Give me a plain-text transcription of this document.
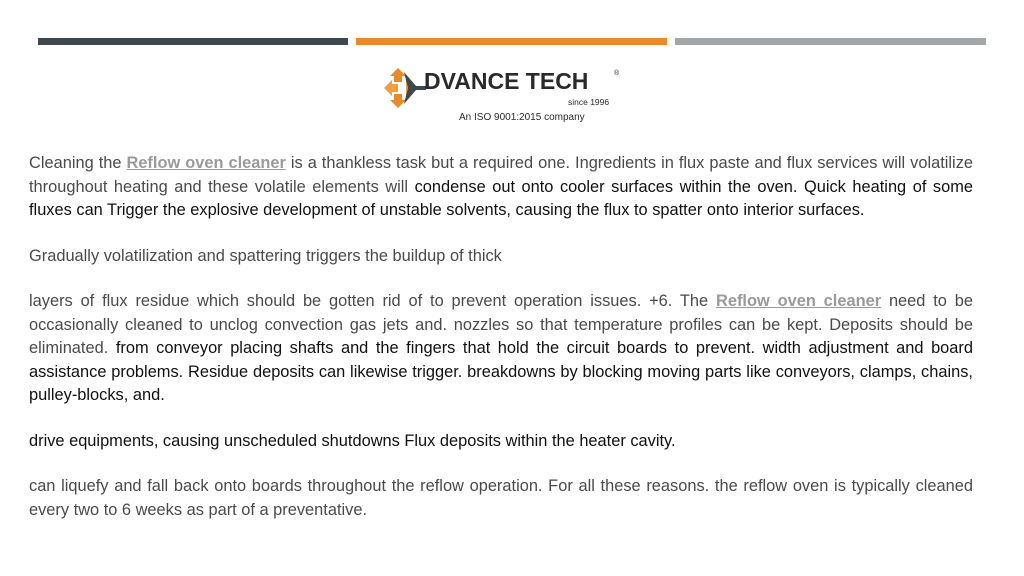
DVANCE TECH	®
since 1996
An ISO 9001:2015 company

Cleaning the Reflow oven cleaner is a thankless task but a required one. Ingredients in flux paste and flux services will volatilize throughout heating and these volatile elements will condense out onto cooler surfaces within the oven. Quick heating of some fluxes can Trigger the explosive development of unstable solvents, causing the flux to spatter onto interior surfaces.

Gradually volatilization and spattering triggers the buildup of thick

layers of flux residue which should be gotten rid of to prevent operation issues. +6. The Reflow oven cleaner need to be occasionally cleaned to unclog convection gas jets and. nozzles so that temperature profiles can be kept. Deposits should be eliminated. from conveyor placing shafts and the fingers that hold the circuit boards to prevent. width adjustment and board assistance problems. Residue deposits can likewise trigger. breakdowns by blocking moving parts like conveyors, clamps, chains, pulley-blocks, and.

drive equipments, causing unscheduled shutdowns Flux deposits within the heater cavity.

can liquefy and fall back onto boards throughout the reflow operation. For all these reasons. the reflow oven is typically cleaned every two to 6 weeks as part of a preventative.
